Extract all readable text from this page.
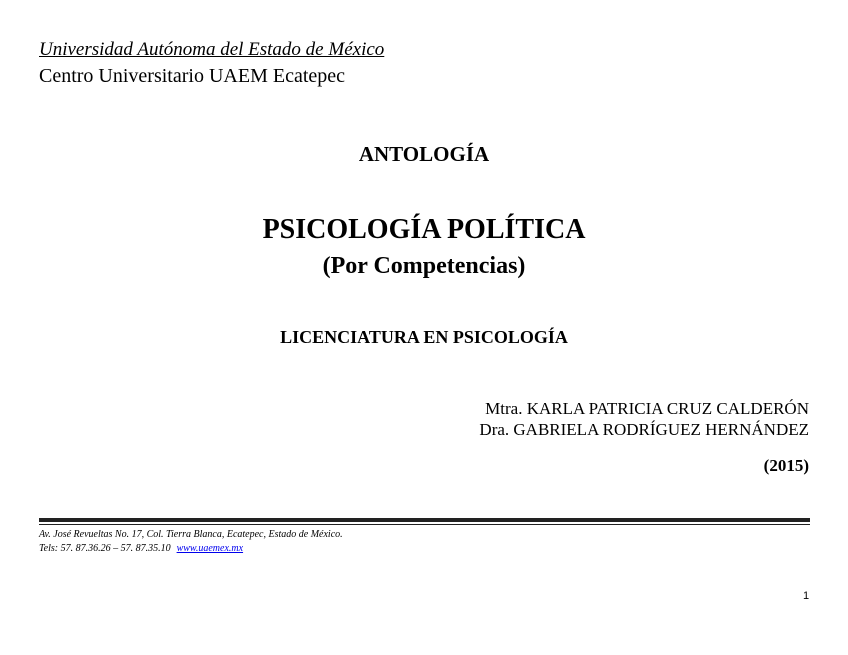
Universidad Autónoma del Estado de México
Centro Universitario UAEM Ecatepec
ANTOLOGÍA
PSICOLOGÍA POLÍTICA
(Por Competencias)
LICENCIATURA EN PSICOLOGÍA
Mtra. KARLA PATRICIA CRUZ CALDERÓN
Dra. GABRIELA RODRÍGUEZ HERNÁNDEZ
(2015)
Av. José Revueltas No. 17, Col. Tierra Blanca, Ecatepec, Estado de México.
Tels: 57. 87.36.26 – 57. 87.35.10 www.uaemex.mx
1
